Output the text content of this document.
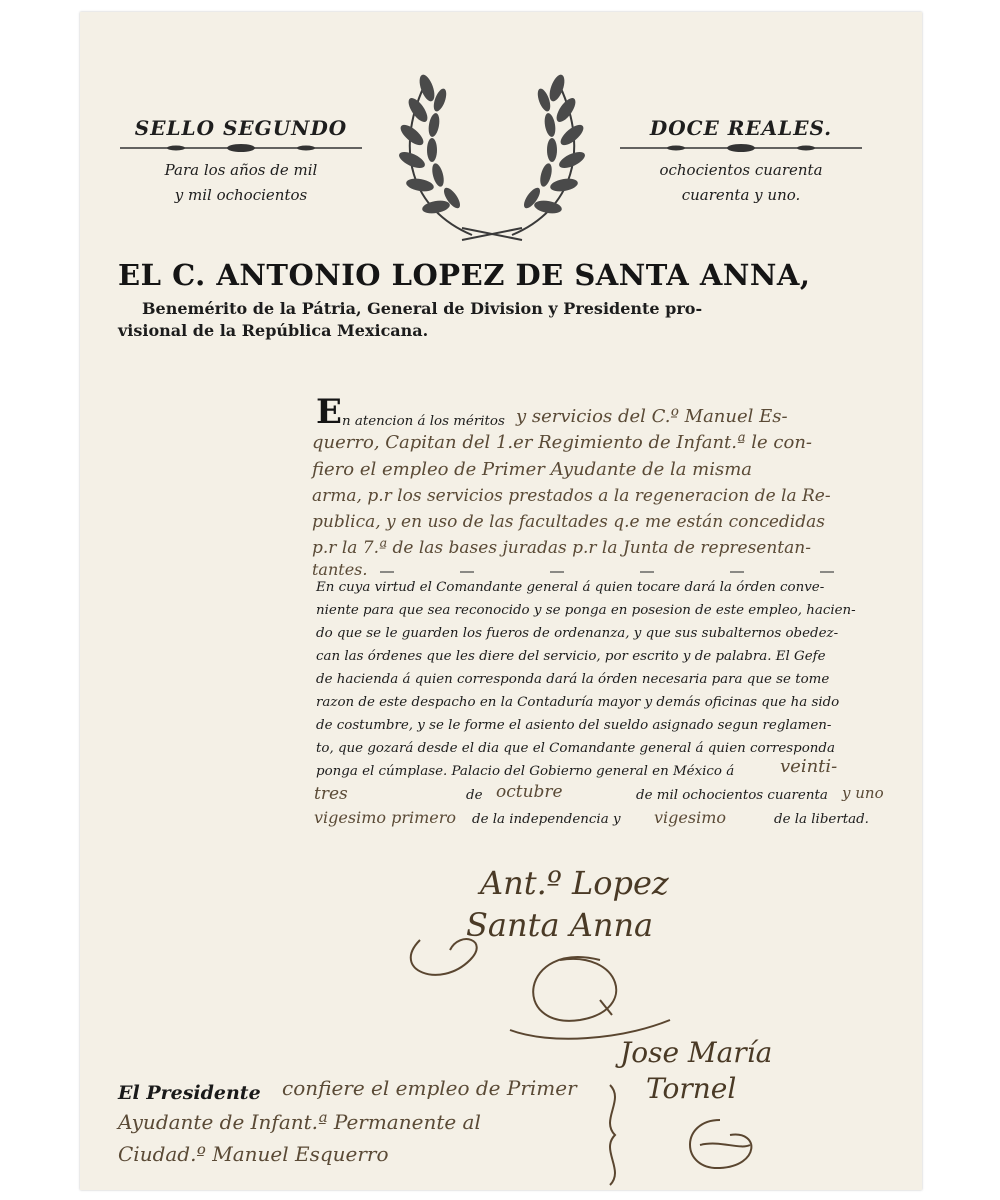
SELLO SEGUNDO
Para los años de mil
y mil ochocientos
DOCE REALES.
ochocientos cuarenta
cuarenta y uno.
EL C. ANTONIO LOPEZ DE SANTA ANNA,
Benemérito de la Pátria, General de Division y Presidente pro-
visional de la República Mexicana.
E n atencion á los méritos y servicios del C.º Manuel Es-
querro, Capitan del 1.er Regimiento de Infant.ª le con-
fiero el empleo de Primer Ayudante de la misma
arma, p.r los servicios prestados a la regeneracion de la Re-
publica, y en uso de las facultades q.e me están concedidas
p.r la 7.ª de las bases juradas p.r la Junta de representan-
tantes.
En cuya virtud el Comandante general á quien tocare dará la órden conve-
niente para que sea reconocido y se ponga en posesion de este empleo, hacien-
do que se le guarden los fueros de ordenanza, y que sus subalternos obedez-
can las órdenes que les diere del servicio, por escrito y de palabra. El Gefe
de hacienda á quien corresponda dará la órden necesaria para que se tome
razon de este despacho en la Contaduría mayor y demás oficinas que ha sido
de costumbre, y se le forme el asiento del sueldo asignado segun reglamen-
to, que gozará desde el dia que el Comandante general á quien corresponda
ponga el cúmplase. Palacio del Gobierno general en México á	veinti-
tres	de octubre	de mil ochocientos cuarenta y uno
vigesimo primero de la independencia y vigesimo	de la libertad.
Ant.º Lopez
Santa Anna
Jose María
Tornel
El Presidente confiere el empleo de Primer
Ayudante de Infant.ª Permanente al
Ciudad.º Manuel Esquerro
